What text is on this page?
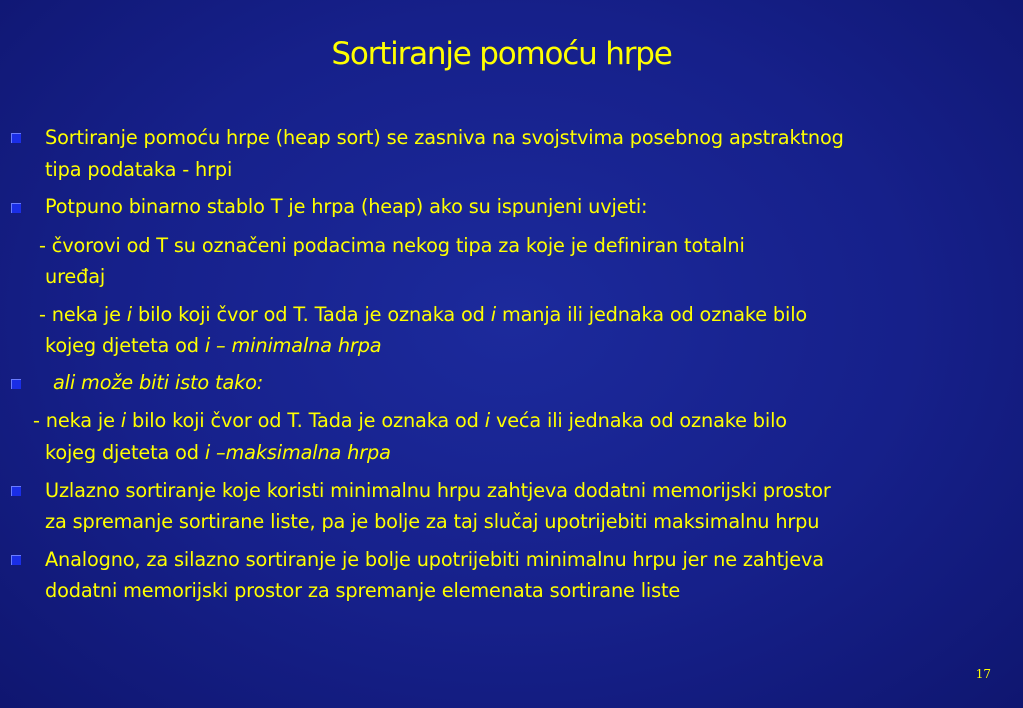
Sortiranje pomoću hrpe
Sortiranje pomoću hrpe (heap sort) se zasniva na svojstvima posebnog apstraktnog
tipa podataka - hrpi
Potpuno binarno stablo T je hrpa (heap) ako su ispunjeni uvjeti:
- čvorovi od T su označeni podacima nekog tipa za koje je definiran totalni
uređaj
- neka je i bilo koji čvor od T. Tada je oznaka od i manja ili jednaka od oznake bilo
kojeg djeteta od i – minimalna hrpa
ali može biti isto tako:
- neka je i bilo koji čvor od T. Tada je oznaka od i veća ili jednaka od oznake bilo
kojeg djeteta od i –maksimalna hrpa
Uzlazno sortiranje koje koristi minimalnu hrpu zahtjeva dodatni memorijski prostor
za spremanje sortirane liste, pa je bolje za taj slučaj upotrijebiti maksimalnu hrpu
Analogno, za silazno sortiranje je bolje upotrijebiti minimalnu hrpu jer ne zahtjeva
dodatni memorijski prostor za spremanje elemenata sortirane liste
17
